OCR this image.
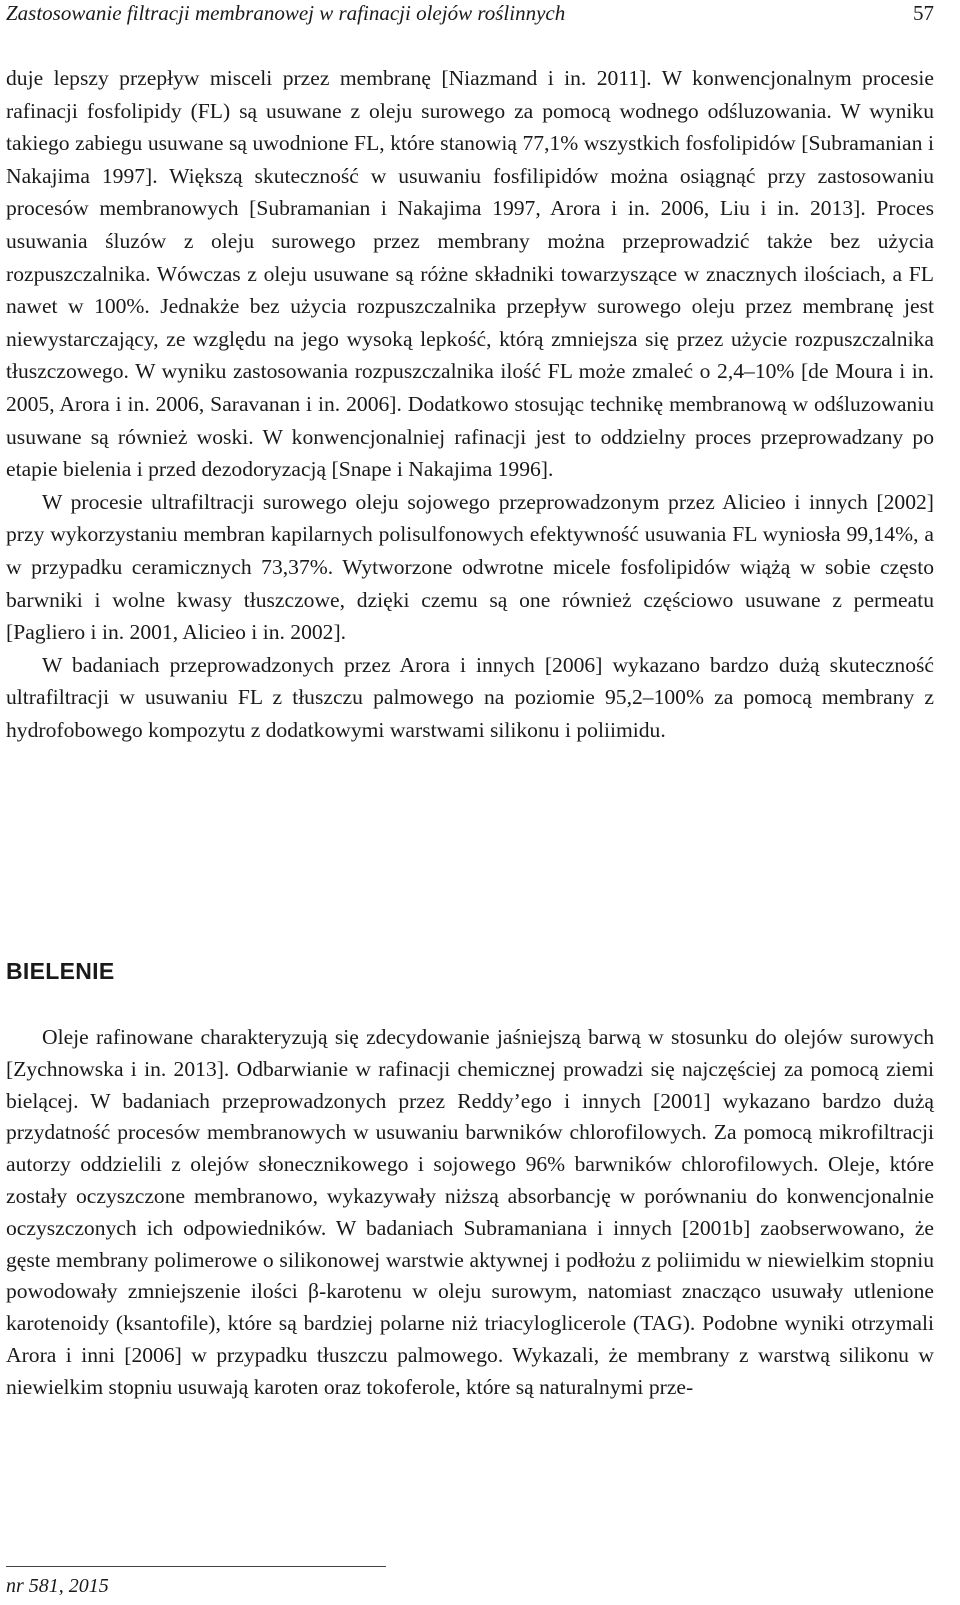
Zastosowanie filtracji membranowej w rafinacji olejów roślinnych	57

duje lepszy przepływ misceli przez membranę [Niazmand i in. 2011]. W konwencjonalnym procesie rafinacji fosfolipidy (FL) są usuwane z oleju surowego za pomocą wodnego odśluzowania. W wyniku takiego zabiegu usuwane są uwodnione FL, które stanowią 77,1% wszystkich fosfolipidów [Subramanian i Nakajima 1997]. Większą skuteczność w usuwaniu fosfilipidów można osiągnąć przy zastosowaniu procesów membranowych [Subramanian i Nakajima 1997, Arora i in. 2006, Liu i in. 2013]. Proces usuwania śluzów z oleju surowego przez membrany można przeprowadzić także bez użycia rozpuszczalnika. Wówczas z oleju usuwane są różne składniki towarzyszące w znacznych ilościach, a FL nawet w 100%. Jednakże bez użycia rozpuszczalnika przepływ surowego oleju przez membranę jest niewystarczający, ze względu na jego wysoką lepkość, którą zmniejsza się przez użycie rozpuszczalnika tłuszczowego. W wyniku zastosowania rozpuszczalnika ilość FL może zmaleć o 2,4–10% [de Moura i in. 2005, Arora i in. 2006, Saravanan i in. 2006]. Dodatkowo stosując technikę membranową w odśluzowaniu usuwane są również woski. W konwencjonalniej rafinacji jest to oddzielny proces przeprowadzany po etapie bielenia i przed dezodoryzacją [Snape i Nakajima 1996].

W procesie ultrafiltracji surowego oleju sojowego przeprowadzonym przez Alicieo i innych [2002] przy wykorzystaniu membran kapilarnych polisulfonowych efektywność usuwania FL wyniosła 99,14%, a w przypadku ceramicznych 73,37%. Wytworzone odwrotne micele fosfolipidów wiążą w sobie często barwniki i wolne kwasy tłuszczowe, dzięki czemu są one również częściowo usuwane z permeatu [Pagliero i in. 2001, Alicieo i in. 2002].

W badaniach przeprowadzonych przez Arora i innych [2006] wykazano bardzo dużą skuteczność ultrafiltracji w usuwaniu FL z tłuszczu palmowego na poziomie 95,2–100% za pomocą membrany z hydrofobowego kompozytu z dodatkowymi warstwami silikonu i poliimidu.

BIELENIE

Oleje rafinowane charakteryzują się zdecydowanie jaśniejszą barwą w stosunku do olejów surowych [Zychnowska i in. 2013]. Odbarwianie w rafinacji chemicznej prowadzi się najczęściej za pomocą ziemi bielącej. W badaniach przeprowadzonych przez Reddy’ego i innych [2001] wykazano bardzo dużą przydatność procesów membranowych w usuwaniu barwników chlorofilowych. Za pomocą mikrofiltracji autorzy oddzielili z olejów słonecznikowego i sojowego 96% barwników chlorofilowych. Oleje, które zostały oczyszczone membranowo, wykazywały niższą absorbancję w porównaniu do konwencjonalnie oczyszczonych ich odpowiedników. W badaniach Subramaniana i innych [2001b] zaobserwowano, że gęste membrany polimerowe o silikonowej warstwie aktywnej i podłożu z poliimidu w niewielkim stopniu powodowały zmniejszenie ilości β-karotenu w oleju surowym, natomiast znacząco usuwały utlenione karotenoidy (ksantofile), które są bardziej polarne niż triacyloglicerole (TAG). Podobne wyniki otrzymali Arora i inni [2006] w przypadku tłuszczu palmowego. Wykazali, że membrany z warstwą silikonu w niewielkim stopniu usuwają karoten oraz tokoferole, które są naturalnymi prze-

nr 581, 2015
